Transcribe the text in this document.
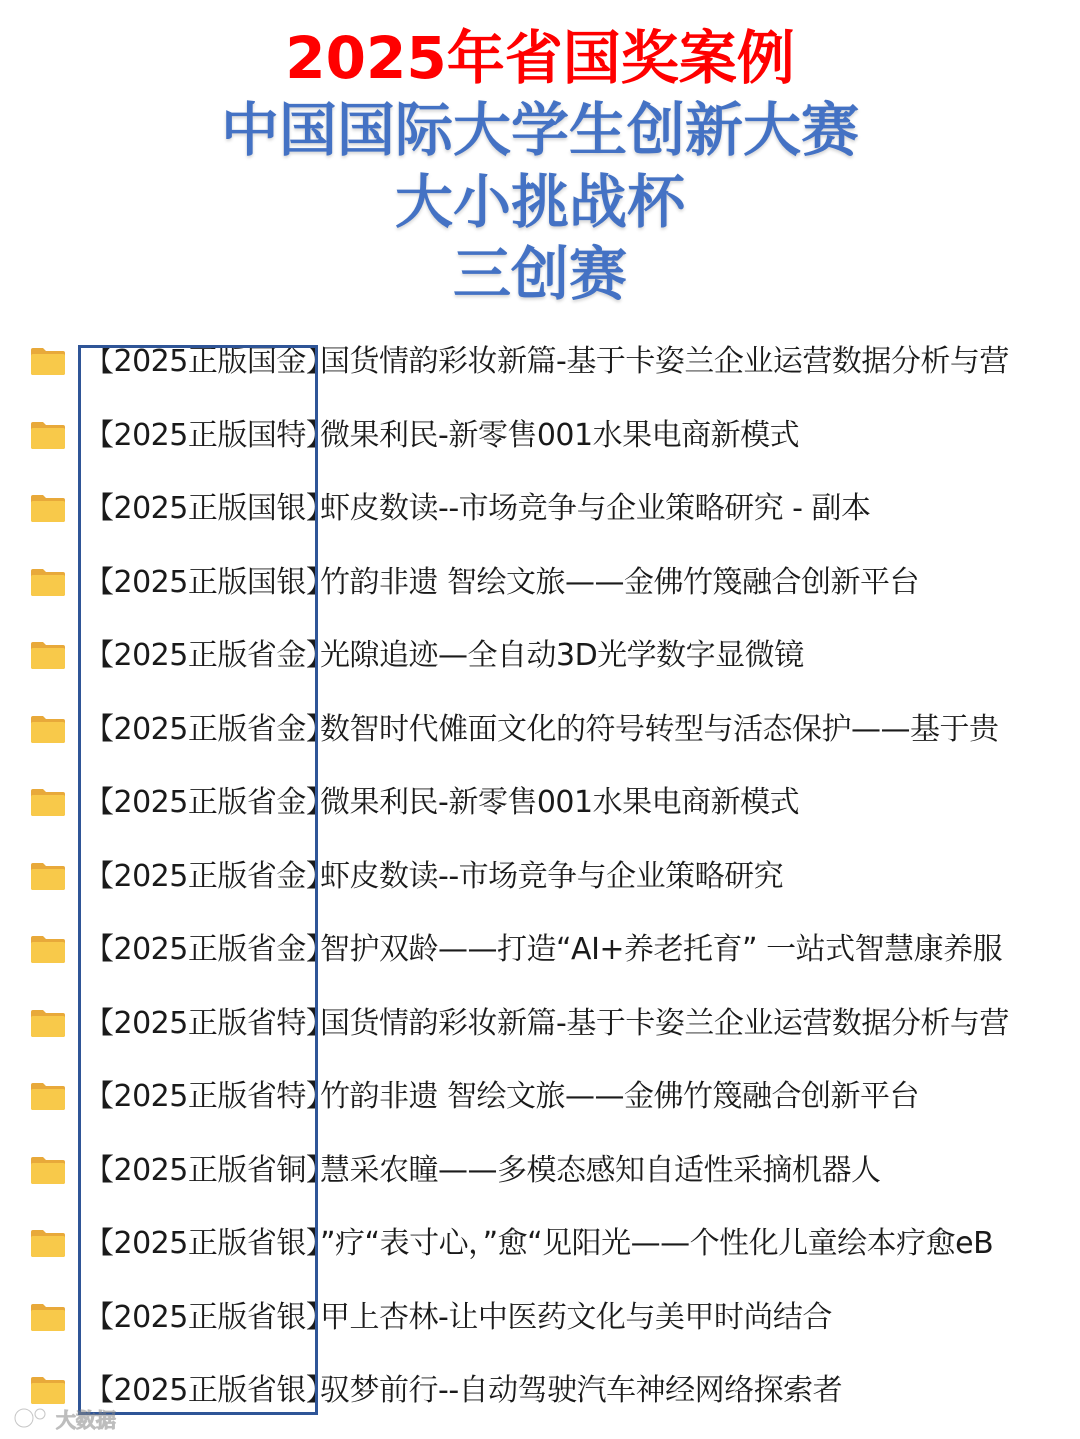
2025年省国奖案例
中国国际大学生创新大赛
大小挑战杯
三创赛
【2025正版国金】国货情韵彩妆新篇-基于卡姿兰企业运营数据分析与营
【2025正版国特】微果利民-新零售001水果电商新模式
【2025正版国银】虾皮数读--市场竞争与企业策略研究 - 副本
【2025正版国银】竹韵非遗 智绘文旅——金佛竹篾融合创新平台
【2025正版省金】光隙追迹—全自动3D光学数字显微镜
【2025正版省金】数智时代傩面文化的符号转型与活态保护——基于贵
【2025正版省金】微果利民-新零售001水果电商新模式
【2025正版省金】虾皮数读--市场竞争与企业策略研究
【2025正版省金】智护双龄——打造“AI+养老托育” 一站式智慧康养服
【2025正版省特】国货情韵彩妆新篇-基于卡姿兰企业运营数据分析与营
【2025正版省特】竹韵非遗 智绘文旅——金佛竹篾融合创新平台
【2025正版省铜】慧采农瞳——多模态感知自适性采摘机器人
【2025正版省银】”疗“表寸心，”愈“见阳光——个性化儿童绘本疗愈eB
【2025正版省银】甲上杏林-让中医药文化与美甲时尚结合
【2025正版省银】驭梦前行--自动驾驶汽车神经网络探索者
大数据
